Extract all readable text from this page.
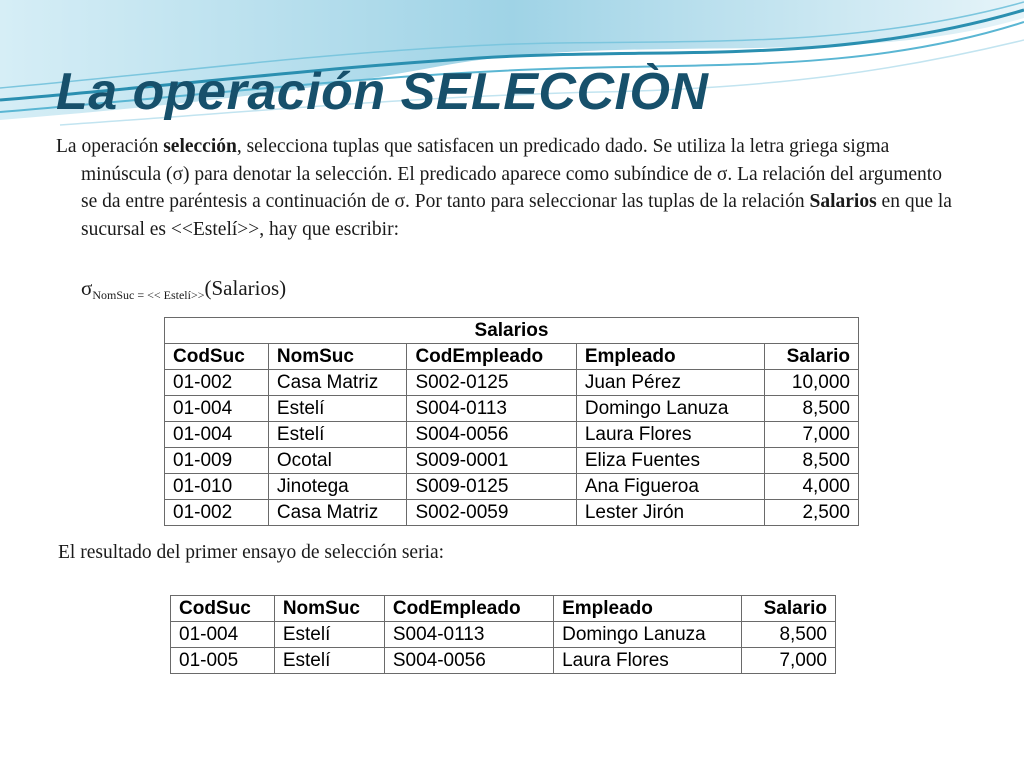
La operación SELECCIÒN

La operación selección, selecciona tuplas que satisfacen un predicado dado. Se utiliza la letra griega sigma minúscula (σ) para denotar la selección. El predicado aparece como subíndice de σ. La relación del argumento se da entre paréntesis a continuación de σ. Por tanto para seleccionar las tuplas de la relación Salarios en que la sucursal es <<Estelí>>, hay que escribir:

$\sigma_{NomSuc = << Estelí>>}(Salarios)$
Salarios				
CodSuc	NomSuc	CodEmpleado	Empleado	Salario
01-002	Casa Matriz	S002-0125	Juan Pérez	10,000
01-004	Estelí	S004-0113	Domingo Lanuza	8,500
01-004	Estelí	S004-0056	Laura Flores	7,000
01-009	Ocotal	S009-0001	Eliza Fuentes	8,500
01-010	Jinotega	S009-0125	Ana Figueroa	4,000
01-002	Casa Matriz	S002-0059	Lester Jirón	2,500
El resultado del primer ensayo de selección seria:
CodSuc	NomSuc	CodEmpleado	Empleado	Salario
01-004	Estelí	S004-0113	Domingo Lanuza	8,500
01-005	Estelí	S004-0056	Laura Flores	7,000
